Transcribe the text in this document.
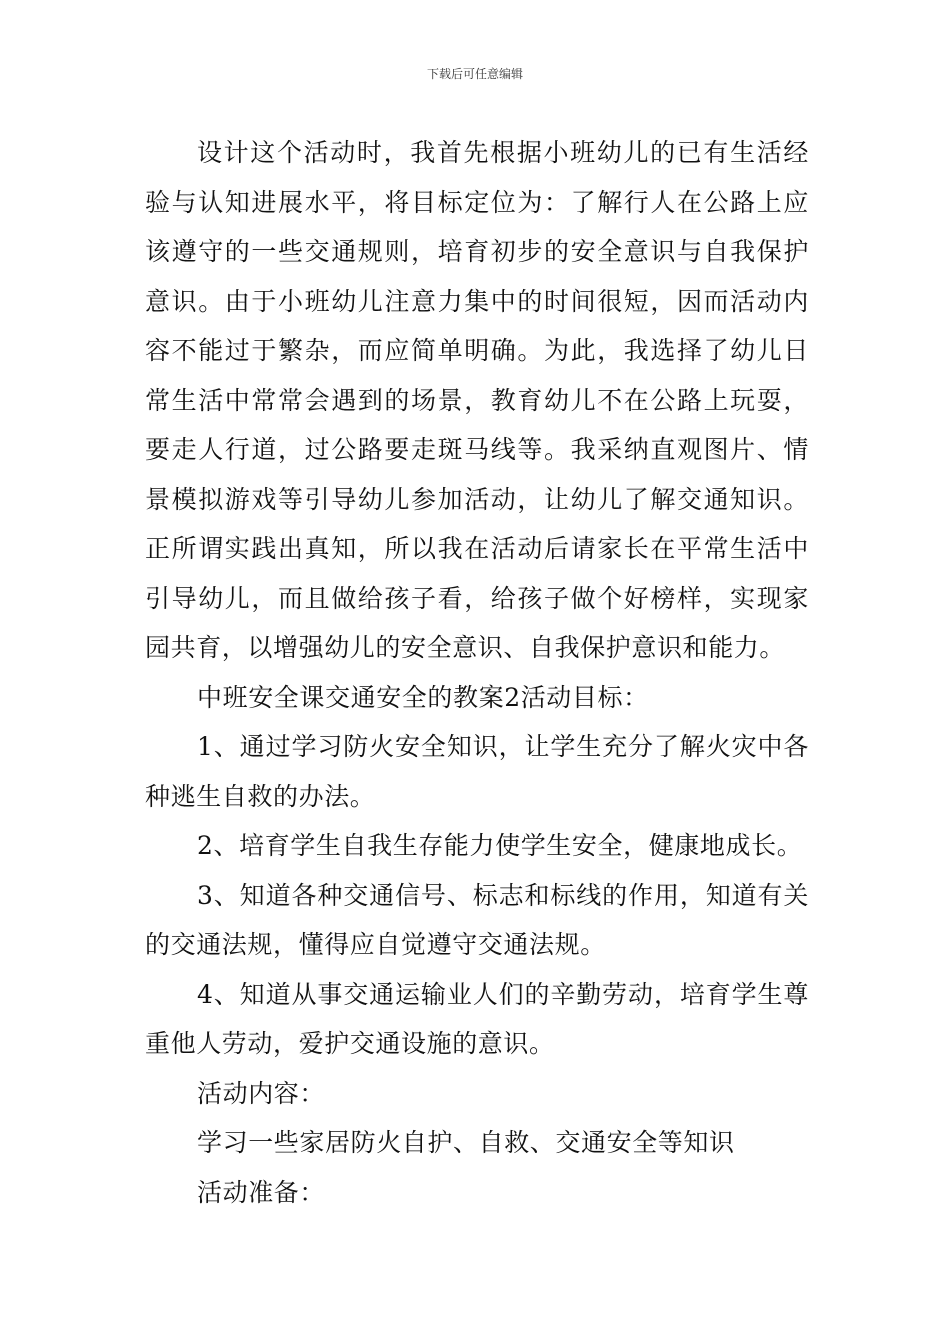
下载后可任意编辑

设计这个活动时，我首先根据小班幼儿的已有生活经验与认知进展水平，将目标定位为：了解行人在公路上应该遵守的一些交通规则，培育初步的安全意识与自我保护意识。由于小班幼儿注意力集中的时间很短，因而活动内容不能过于繁杂，而应简单明确。为此，我选择了幼儿日常生活中常常会遇到的场景，教育幼儿不在公路上玩耍，要走人行道，过公路要走斑马线等。我采纳直观图片、情景模拟游戏等引导幼儿参加活动，让幼儿了解交通知识。正所谓实践出真知，所以我在活动后请家长在平常生活中引导幼儿，而且做给孩子看，给孩子做个好榜样，实现家园共育，以增强幼儿的安全意识、自我保护意识和能力。

中班安全课交通安全的教案2活动目标：

1、通过学习防火安全知识，让学生充分了解火灾中各种逃生自救的办法。

2、培育学生自我生存能力使学生安全，健康地成长。

3、知道各种交通信号、标志和标线的作用，知道有关的交通法规，懂得应自觉遵守交通法规。

4、知道从事交通运输业人们的辛勤劳动，培育学生尊重他人劳动，爱护交通设施的意识。

活动内容：

学习一些家居防火自护、自救、交通安全等知识

活动准备：
